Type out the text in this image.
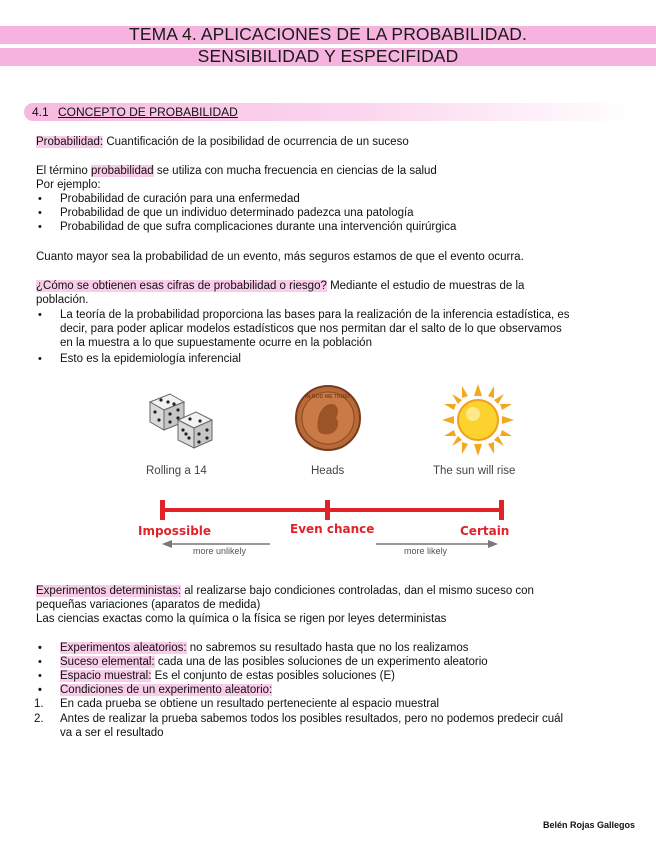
TEMA 4. APLICACIONES DE LA PROBABILIDAD.
SENSIBILIDAD Y ESPECIFIDAD
4.1 CONCEPTO DE PROBABILIDAD
Probabilidad: Cuantificación de la posibilidad de ocurrencia de un suceso
El término probabilidad se utiliza con mucha frecuencia en ciencias de la salud
Por ejemplo:
• Probabilidad de curación para una enfermedad
• Probabilidad de que un individuo determinado padezca una patología
• Probabilidad de que sufra complicaciones durante una intervención quirúrgica
Cuanto mayor sea la probabilidad de un evento, más seguros estamos de que el evento ocurra.
¿Cómo se obtienen esas cifras de probabilidad o riesgo? Mediante el estudio de muestras de la
población.
• La teoría de la probabilidad proporciona las bases para la realización de la inferencia estadística, es
decir, para poder aplicar modelos estadísticos que nos permitan dar el salto de lo que observamos
en la muestra a lo que supuestamente ocurre en la población
• Esto es la epidemiología inferencial
IN GOD WE TRUST
Rolling a 14	Heads	The sun will rise
Impossible	Even chance	Certain
more unlikely	more likely
Experimentos deterministas: al realizarse bajo condiciones controladas, dan el mismo suceso con
pequeñas variaciones (aparatos de medida)
Las ciencias exactas como la química o la física se rigen por leyes deterministas
• Experimentos aleatorios: no sabremos su resultado hasta que no los realizamos
• Suceso elemental: cada una de las posibles soluciones de un experimento aleatorio
• Espacio muestral: Es el conjunto de estas posibles soluciones (E)
• Condiciones de un experimento aleatorio:
1. En cada prueba se obtiene un resultado perteneciente al espacio muestral
2. Antes de realizar la prueba sabemos todos los posibles resultados, pero no podemos predecir cuál
va a ser el resultado
Belén Rojas Gallegos
